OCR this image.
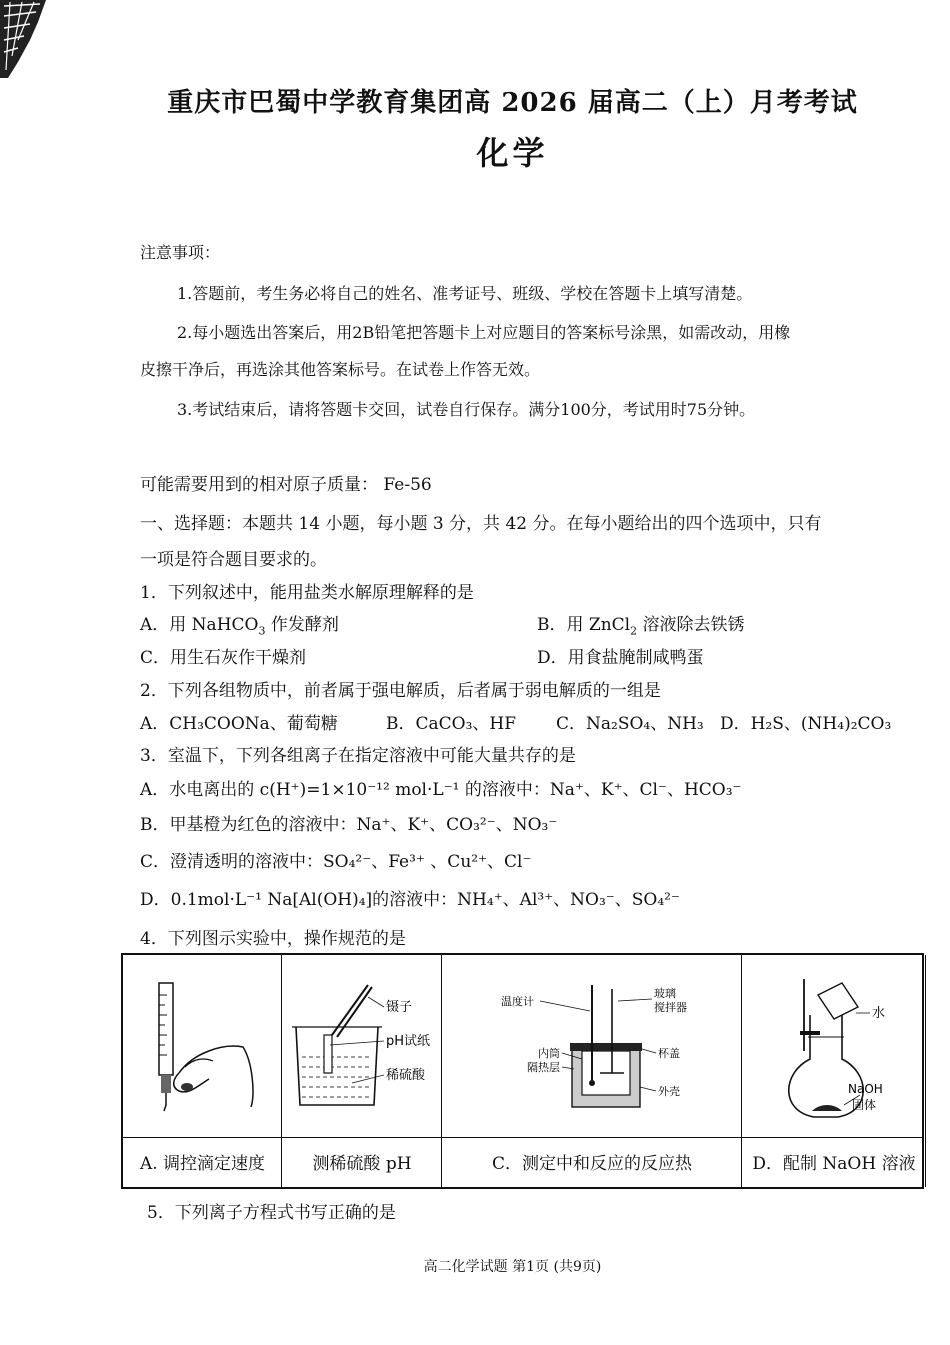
重庆市巴蜀中学教育集团高 2026 届高二（上）月考考试
化学
注意事项：
1.答题前，考生务必将自己的姓名、准考证号、班级、学校在答题卡上填写清楚。
2.每小题选出答案后，用2B铅笔把答题卡上对应题目的答案标号涂黑，如需改动，用橡
皮擦干净后，再选涂其他答案标号。在试卷上作答无效。
3.考试结束后，请将答题卡交回，试卷自行保存。满分100分，考试用时75分钟。
可能需要用到的相对原子质量： Fe-56
一、选择题：本题共 14 小题，每小题 3 分，共 42 分。在每小题给出的四个选项中，只有
一项是符合题目要求的。
1．下列叙述中，能用盐类水解原理解释的是
A．用 NaHCO$_3$ 作发酵剂	B．用 ZnCl$_2$ 溶液除去铁锈
C．用生石灰作干燥剂	D．用食盐腌制咸鸭蛋
2．下列各组物质中，前者属于强电解质，后者属于弱电解质的一组是
A．CH₃COONa、葡萄糖	B．CaCO₃、HF C．Na₂SO₄、NH₃ D．H₂S、(NH₄)₂CO₃
3．室温下，下列各组离子在指定溶液中可能大量共存的是
A．水电离出的 c(H⁺)=1×10⁻¹² mol·L⁻¹ 的溶液中：Na⁺、K⁺、Cl⁻、HCO₃⁻
B．甲基橙为红色的溶液中：Na⁺、K⁺、CO₃²⁻、NO₃⁻
C．澄清透明的溶液中：SO₄²⁻、Fe³⁺ 、Cu²⁺、Cl⁻
D．0.1mol·L⁻¹ Na[Al(OH)₄]的溶液中：NH₄⁺、Al³⁺、NO₃⁻、SO₄²⁻
4．下列图示实验中，操作规范的是
镊子
pH试纸
稀硫酸
温度计
玻璃
搅拌器
内筒
隔热层
杯盖
外壳
水
NaOH
固体
A. 调控滴定速度	测稀硫酸 pH	C．测定中和反应的反应热	D．配制 NaOH 溶液
5．下列离子方程式书写正确的是
高二化学试题 第1页 (共9页)
